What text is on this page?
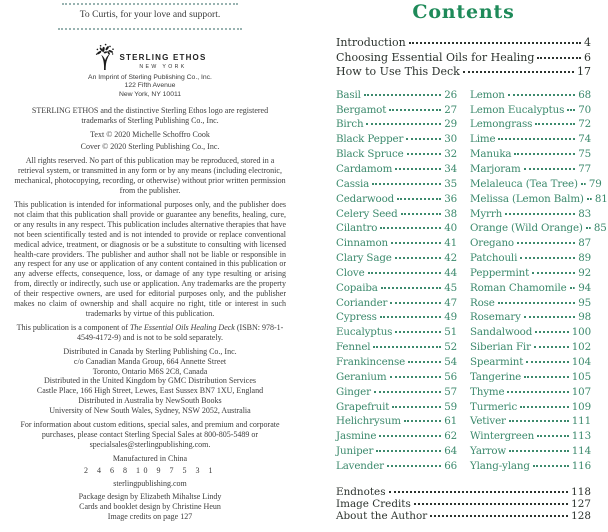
To Curtis, for your love and support.
STERLING ETHOS
NEW YORK
An Imprint of Sterling Publishing Co., Inc.
122 Fifth Avenue
New York, NY 10011

STERLING ETHOS and the distinctive Sterling Ethos logo are registered trademarks of Sterling Publishing Co., Inc.

Text © 2020 Michelle Schoffro Cook

Cover © 2020 Sterling Publishing Co., Inc.

All rights reserved. No part of this publication may be reproduced, stored in a retrieval system, or transmitted in any form or by any means (including electronic, mechanical, photocopying, recording, or otherwise) without prior written permission from the publisher.

This publication is intended for informational purposes only, and the publisher does not claim that this publication shall provide or guarantee any benefits, healing, cure, or any results in any respect. This publication includes alternative therapies that have not been scientifically tested and is not intended to provide or replace conventional medical advice, treatment, or diagnosis or be a substitute to consulting with licensed health-care providers. The publisher and author shall not be liable or responsible in any respect for any use or application of any content contained in this publication or any adverse effects, consequence, loss, or damage of any type resulting or arising from, directly or indirectly, such use or application. Any trademarks are the property of their respective owners, are used for editorial purposes only, and the publisher makes no claim of ownership and shall acquire no right, title or interest in such trademarks by virtue of this publication.

This publication is a component of The Essential Oils Healing Deck (ISBN: 978-1-4549-4172-9) and is not to be sold separately.

Distributed in Canada by Sterling Publishing Co., Inc.
c/o Canadian Manda Group, 664 Annette Street
Toronto, Ontario M6S 2C8, Canada
Distributed in the United Kingdom by GMC Distribution Services
Castle Place, 166 High Street, Lewes, East Sussex BN7 1XU, England
Distributed in Australia by NewSouth Books
University of New South Wales, Sydney, NSW 2052, Australia

For information about custom editions, special sales, and premium and corporate purchases, please contact Sterling Special Sales at 800-805-5489 or specialsales@sterlingpublishing.com.

Manufactured in China

2 4 6 8 10 9 7 5 3 1

sterlingpublishing.com

Package design by Elizabeth Mihaltse Lindy
Cards and booklet design by Christine Heun
Image credits on page 127
Contents
Introduction	4
Choosing Essential Oils for Healing	6
How to Use This Deck	17
Basil	26
Bergamot	27
Birch	29
Black Pepper	30
Black Spruce	32
Cardamom	34
Cassia	35
Cedarwood	36
Celery Seed	38
Cilantro	40
Cinnamon	41
Clary Sage	42
Clove	44
Copaiba	45
Coriander	47
Cypress	49
Eucalyptus	51
Fennel	52
Frankincense	54
Geranium	56
Ginger	57
Grapefruit	59
Helichrysum	61
Jasmine	62
Juniper	64
Lavender	66
Lemon	68
Lemon Eucalyptus 70
Lemongrass	72
Lime	74
Manuka	75
Marjoram	77
Melaleuca (Tea Tree) 79
Melissa (Lemon Balm) 81
Myrrh	83
Orange (Wild Orange) 85
Oregano	87
Patchouli	89
Peppermint	92
Roman Chamomile 94
Rose	95
Rosemary	98
Sandalwood	100
Siberian Fir	102
Spearmint	104
Tangerine	105
Thyme	107
Turmeric	109
Vetiver	111
Wintergreen	113
Yarrow	114
Ylang-ylang	116
Endnotes	118
Image Credits	127
About the Author	128
